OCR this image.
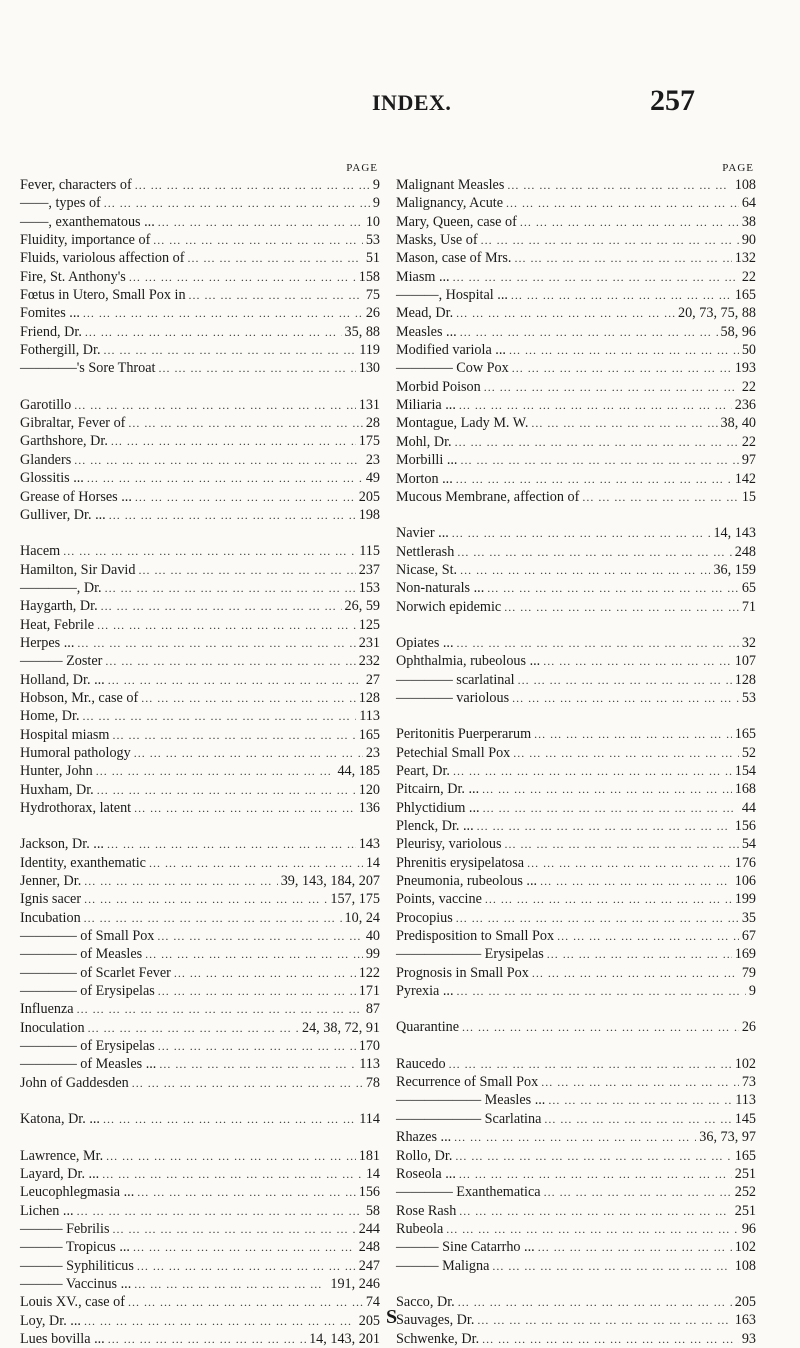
INDEX.	257
PAGE
Fever, characters of ... .	9
——, types of ... .	9
——, exanthematous ... ... .	10
Fluidity, importance of ... .	53
Fluids, variolous affection of ... .	51
Fire, St. Anthony's ... .	158
Fœtus in Utero, Small Pox in ... .	75
Fomites ... ... .	26
Friend, Dr. ... .	35, 88
Fothergill, Dr. ... .	119
————'s Sore Throat ... .	130
Garotillo ... .	131
Gibraltar, Fever of ... .	28
Garthshore, Dr. ... .	175
Glanders ... .	23
Glossitis ... ... .	49
Grease of Horses ... ... .	205
Gulliver, Dr. ... ... .	198
Hacem ... .	115
Hamilton, Sir David ... .	237
————, Dr. ... .	153
Haygarth, Dr. ... .	26, 59
Heat, Febrile ... .	125
Herpes ... ... .	231
——— Zoster ... .	232
Holland, Dr. ... ... .	27
Hobson, Mr., case of ... .	128
Home, Dr. ... .	113
Hospital miasm ... .	165
Humoral pathology ... .	23
Hunter, John ... .	44, 185
Huxham, Dr. ... .	120
Hydrothorax, latent ... .	136
Jackson, Dr. ... ... .	143
Identity, exanthematic ... .	14
Jenner, Dr. ... .	39, 143, 184, 207
Ignis sacer ... .	157, 175
Incubation ... .	10, 24
———— of Small Pox ... .	40
———— of Measles ... .	99
———— of Scarlet Fever ... .	122
———— of Erysipelas ... .	171
Influenza ... .	87
Inoculation ... .	24, 38, 72, 91
———— of Erysipelas ... .	170
———— of Measles ... ... .	113
John of Gaddesden ... .	78
Katona, Dr. ... ... .	114
Lawrence, Mr. ... .	181
Layard, Dr. ... ... .	14
Leucophlegmasia ... ... .	156
Lichen ... ... .	58
——— Febrilis ... .	244
——— Tropicus ... ... .	248
——— Syphiliticus ... .	247
——— Vaccinus ... ... .	191, 246
Louis XV., case of ... .	74
Loy, Dr. ... ... .	205
Lues bovilla ... ... .	14, 143, 201
PAGE
Malignant Measles ... .	108
Malignancy, Acute ... .	64
Mary, Queen, case of ... .	38
Masks, Use of ... .	90
Mason, case of Mrs. ... .	132
Miasm ... ... .	22
———, Hospital ... ... .	165
Mead, Dr. ... .	20, 73, 75, 88
Measles ... ... .	58, 96
Modified variola ... ... .	50
———— Cow Pox ... .	193
Morbid Poison ... .	22
Miliaria ... ... .	236
Montague, Lady M. W. ... .	38, 40
Mohl, Dr. ... .	22
Morbilli ... ... .	97
Morton ... ... .	142
Mucous Membrane, affection of ... .	15
Navier ... ... .	14, 143
Nettlerash ... .	248
Nicase, St. ... .	36, 159
Non-naturals ... ... .	65
Norwich epidemic ... .	71
Opiates ... ... .	32
Ophthalmia, rubeolous ... ... .	107
———— scarlatinal ... .	128
———— variolous ... .	53
Peritonitis Puerperarum ... .	165
Petechial Small Pox ... .	52
Peart, Dr. ... .	154
Pitcairn, Dr. ... ... .	168
Phlyctidium ... ... .	44
Plenck, Dr. ... ... .	156
Pleurisy, variolous ... .	54
Phrenitis erysipelatosa ... .	176
Pneumonia, rubeolous ... ... .	106
Points, vaccine ... .	199
Procopius ... .	35
Predisposition to Small Pox ... .	67
—————— Erysipelas ... .	169
Prognosis in Small Pox ... .	79
Pyrexia ... ... .	9
Quarantine ... .	26
Raucedo ... .	102
Recurrence of Small Pox ... .	73
—————— Measles ... ... .	113
—————— Scarlatina ... .	145
Rhazes ... ... .	36, 73, 97
Rollo, Dr. ... .	165
Roseola ... ... .	251
———— Exanthematica ... .	252
Rose Rash ... .	251
Rubeola ... .	96
——— Sine Catarrho ... ... .	102
——— Maligna ... .	108
Sacco, Dr. ... .	205
Sauvages, Dr. ... .	163
Schwenke, Dr. ... .	93
S
